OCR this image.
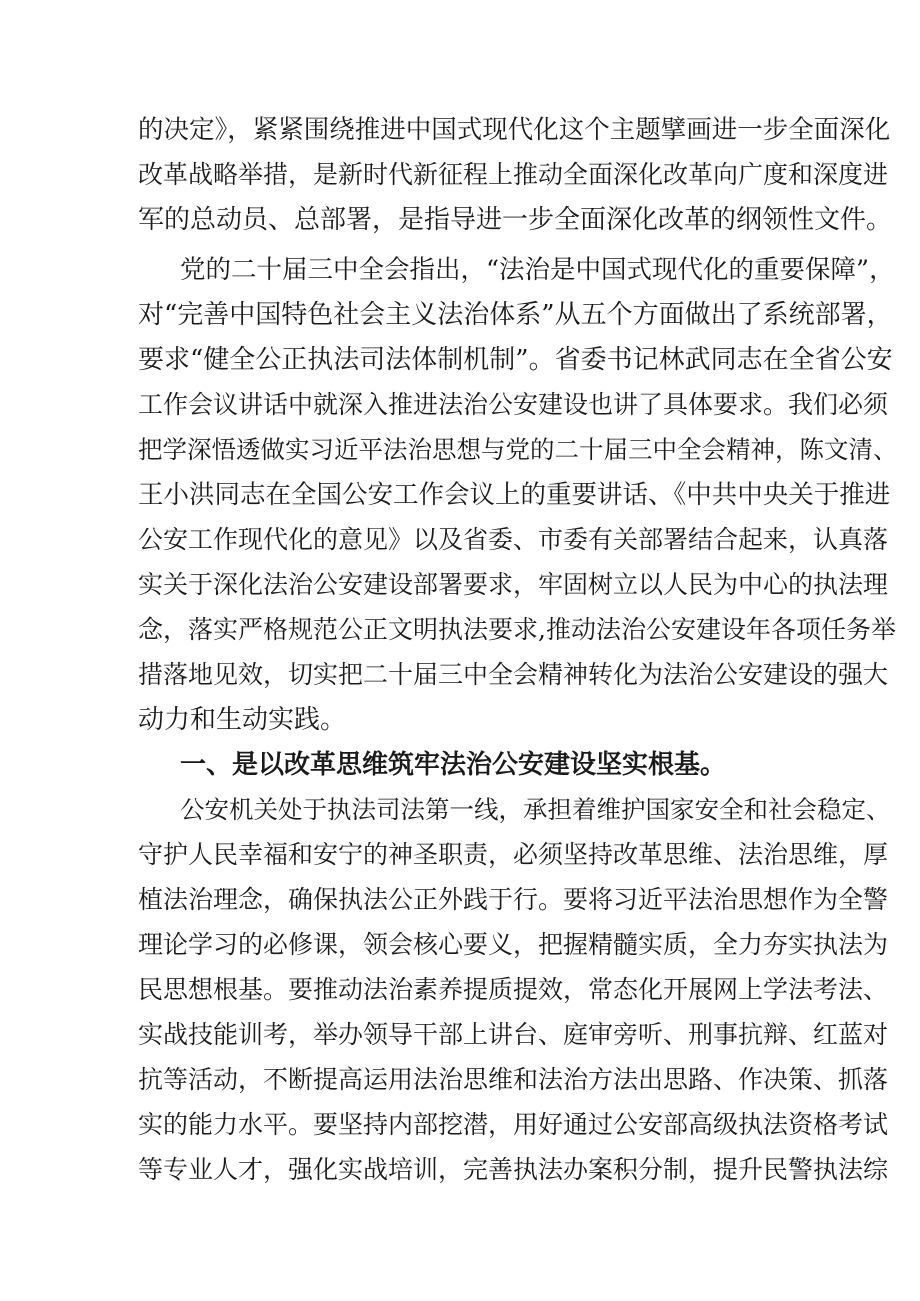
的决定》，紧紧围绕推进中国式现代化这个主题擘画进一步全面深化
改革战略举措，是新时代新征程上推动全面深化改革向广度和深度进
军的总动员、总部署，是指导进一步全面深化改革的纲领性文件。
党的二十届三中全会指出，“法治是中国式现代化的重要保障”，
对“完善中国特色社会主义法治体系”从五个方面做出了系统部署，
要求“健全公正执法司法体制机制”。省委书记林武同志在全省公安
工作会议讲话中就深入推进法治公安建设也讲了具体要求。我们必须
把学深悟透做实习近平法治思想与党的二十届三中全会精神，陈文清、
王小洪同志在全国公安工作会议上的重要讲话、《中共中央关于推进
公安工作现代化的意见》以及省委、市委有关部署结合起来，认真落
实关于深化法治公安建设部署要求，牢固树立以人民为中心的执法理
念，落实严格规范公正文明执法要求,推动法治公安建设年各项任务举
措落地见效，切实把二十届三中全会精神转化为法治公安建设的强大
动力和生动实践。
一、是以改革思维筑牢法治公安建设坚实根基。
公安机关处于执法司法第一线，承担着维护国家安全和社会稳定、
守护人民幸福和安宁的神圣职责，必须坚持改革思维、法治思维，厚
植法治理念，确保执法公正外践于行。要将习近平法治思想作为全警
理论学习的必修课，领会核心要义，把握精髓实质，全力夯实执法为
民思想根基。要推动法治素养提质提效，常态化开展网上学法考法、
实战技能训考，举办领导干部上讲台、庭审旁听、刑事抗辩、红蓝对
抗等活动，不断提高运用法治思维和法治方法出思路、作决策、抓落
实的能力水平。要坚持内部挖潜，用好通过公安部高级执法资格考试
等专业人才，强化实战培训，完善执法办案积分制，提升民警执法综
